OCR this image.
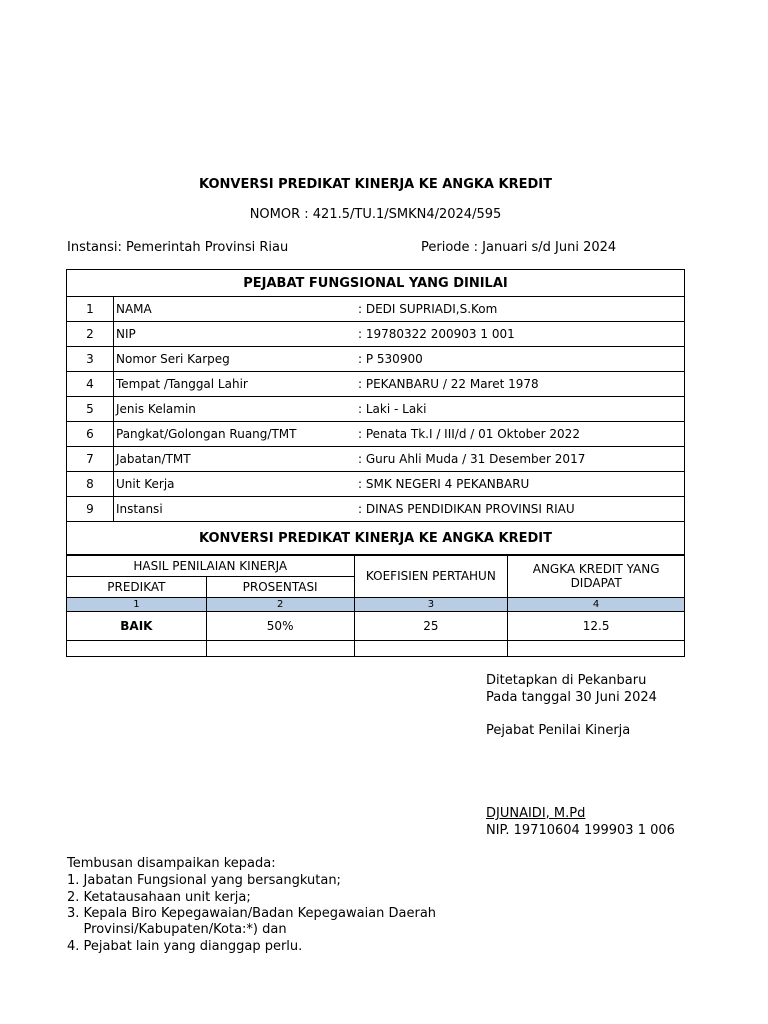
KONVERSI PREDIKAT KINERJA KE ANGKA KREDIT
NOMOR : 421.5/TU.1/SMKN4/2024/595
Instansi: Pemerintah Provinsi Riau	Periode : Januari s/d Juni 2024
PEJABAT FUNGSIONAL YANG DINILAI		
1	NAMA	: DEDI SUPRIADI,S.Kom
2	NIP	: 19780322 200903 1 001
3	Nomor Seri Karpeg	: P 530900
4	Tempat /Tanggal Lahir	: PEKANBARU / 22 Maret 1978
5	Jenis Kelamin	: Laki - Laki
6	Pangkat/Golongan Ruang/TMT	: Penata Tk.I / III/d / 01 Oktober 2022
7	Jabatan/TMT	: Guru Ahli Muda / 31 Desember 2017
8	Unit Kerja	: SMK NEGERI 4 PEKANBARU
9	Instansi	: DINAS PENDIDIKAN PROVINSI RIAU
KONVERSI PREDIKAT KINERJA KE ANGKA KREDIT		
HASIL PENILAIAN KINERJA		KOEFISIEN PERTAHUN	ANGKA KREDIT YANG DIDAPAT
PREDIKAT	PROSENTASI		
1	2	3	4
BAIK	50%	25	12.5

Ditetapkan di Pekanbaru
Pada tanggal 30 Juni 2024
Pejabat Penilai Kinerja
DJUNAIDI, M.Pd
NIP. 19710604 199903 1 006
Tembusan disampaikan kepada:
1. Jabatan Fungsional yang bersangkutan;
2. Ketatausahaan unit kerja;
3. Kepala Biro Kepegawaian/Badan Kepegawaian Daerah
Provinsi/Kabupaten/Kota:*) dan
4. Pejabat lain yang dianggap perlu.
